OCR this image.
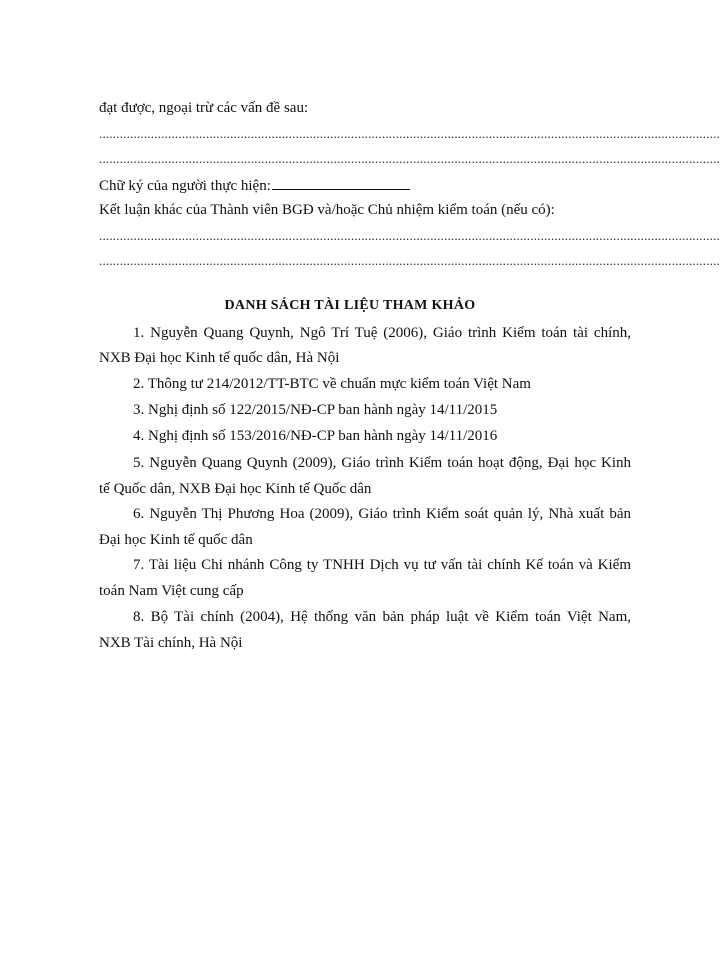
đạt được, ngoại trừ các vấn đề sau:
....................................................................................................................................................................................
....................................................................................................................................................................................
Chữ ký của người thực hiện:
Kết luận khác của Thành viên BGĐ và/hoặc Chủ nhiệm kiểm toán (nếu có):
....................................................................................................................................................................................
....................................................................................................................................................................................
DANH SÁCH TÀI LIỆU THAM KHẢO
1. Nguyễn Quang Quynh, Ngô Trí Tuệ (2006), Giáo trình Kiểm toán tài chính,
NXB Đại học Kinh tế quốc dân, Hà Nội
2. Thông tư 214/2012/TT-BTC về chuẩn mực kiểm toán Việt Nam
3. Nghị định số 122/2015/NĐ-CP ban hành ngày 14/11/2015
4. Nghị định số 153/2016/NĐ-CP ban hành ngày 14/11/2016
5. Nguyễn Quang Quynh (2009), Giáo trình Kiểm toán hoạt động, Đại học Kinh
tế Quốc dân, NXB Đại học Kinh tế Quốc dân
6. Nguyễn Thị Phương Hoa (2009), Giáo trình Kiểm soát quản lý, Nhà xuất bản
Đại học Kinh tế quốc dân
7. Tài liệu Chi nhánh Công ty TNHH Dịch vụ tư vấn tài chính Kế toán và Kiểm
toán Nam Việt cung cấp
8. Bộ Tài chính (2004), Hệ thống văn bản pháp luật về Kiểm toán Việt Nam,
NXB Tài chính, Hà Nội
